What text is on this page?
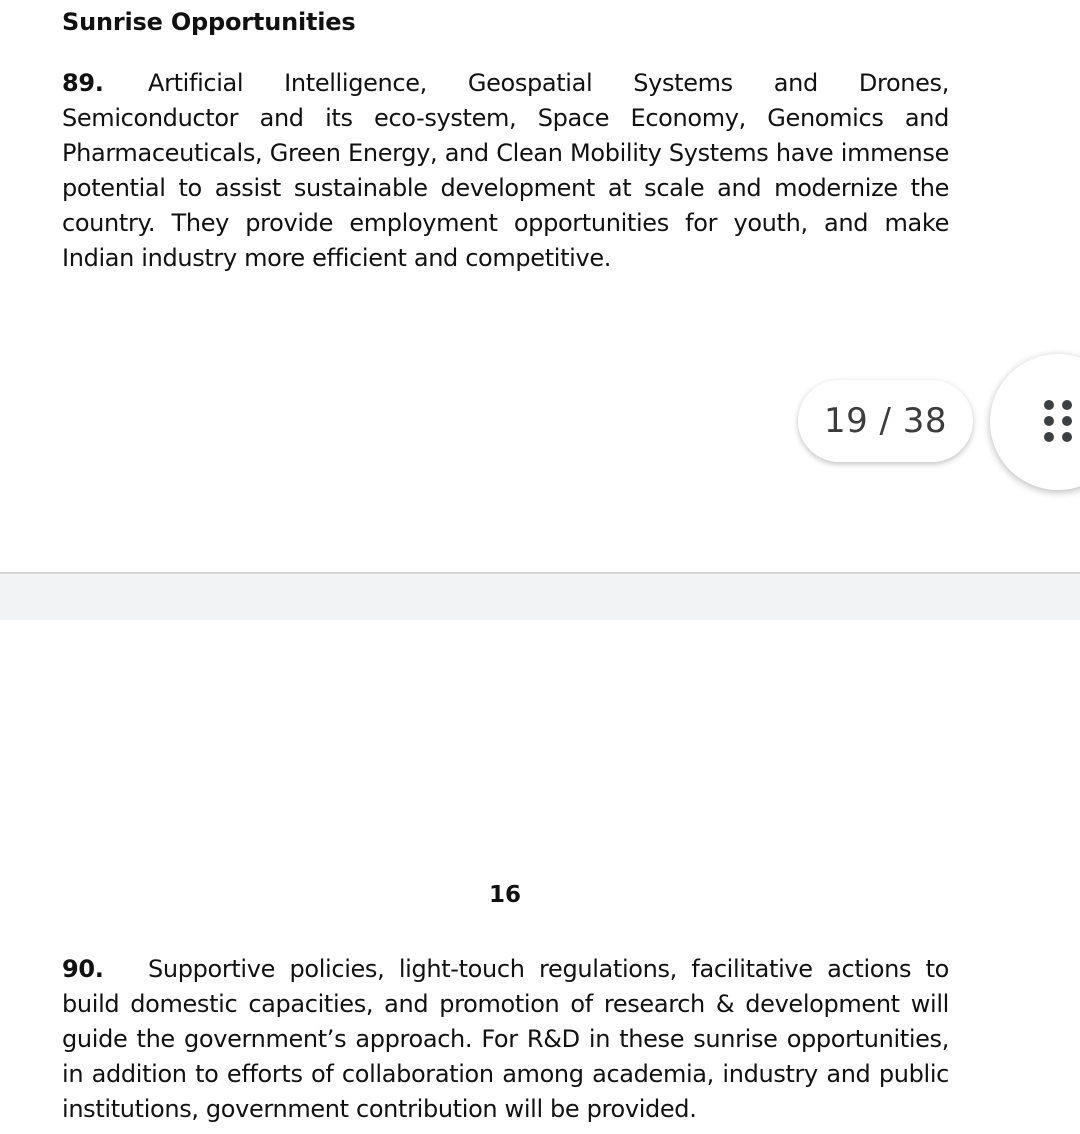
Sunrise Opportunities

89. Artificial Intelligence, Geospatial Systems and Drones, Semiconductor and its eco-system, Space Economy, Genomics and Pharmaceuticals, Green Energy, and Clean Mobility Systems have immense potential to assist sustainable development at scale and modernize the country. They provide employment opportunities for youth, and make Indian industry more efficient and competitive.

16

90. Supportive policies, light-touch regulations, facilitative actions to build domestic capacities, and promotion of research & development will guide the government’s approach. For R&D in these sunrise opportunities, in addition to efforts of collaboration among academia, industry and public institutions, government contribution will be provided.

19 / 38
